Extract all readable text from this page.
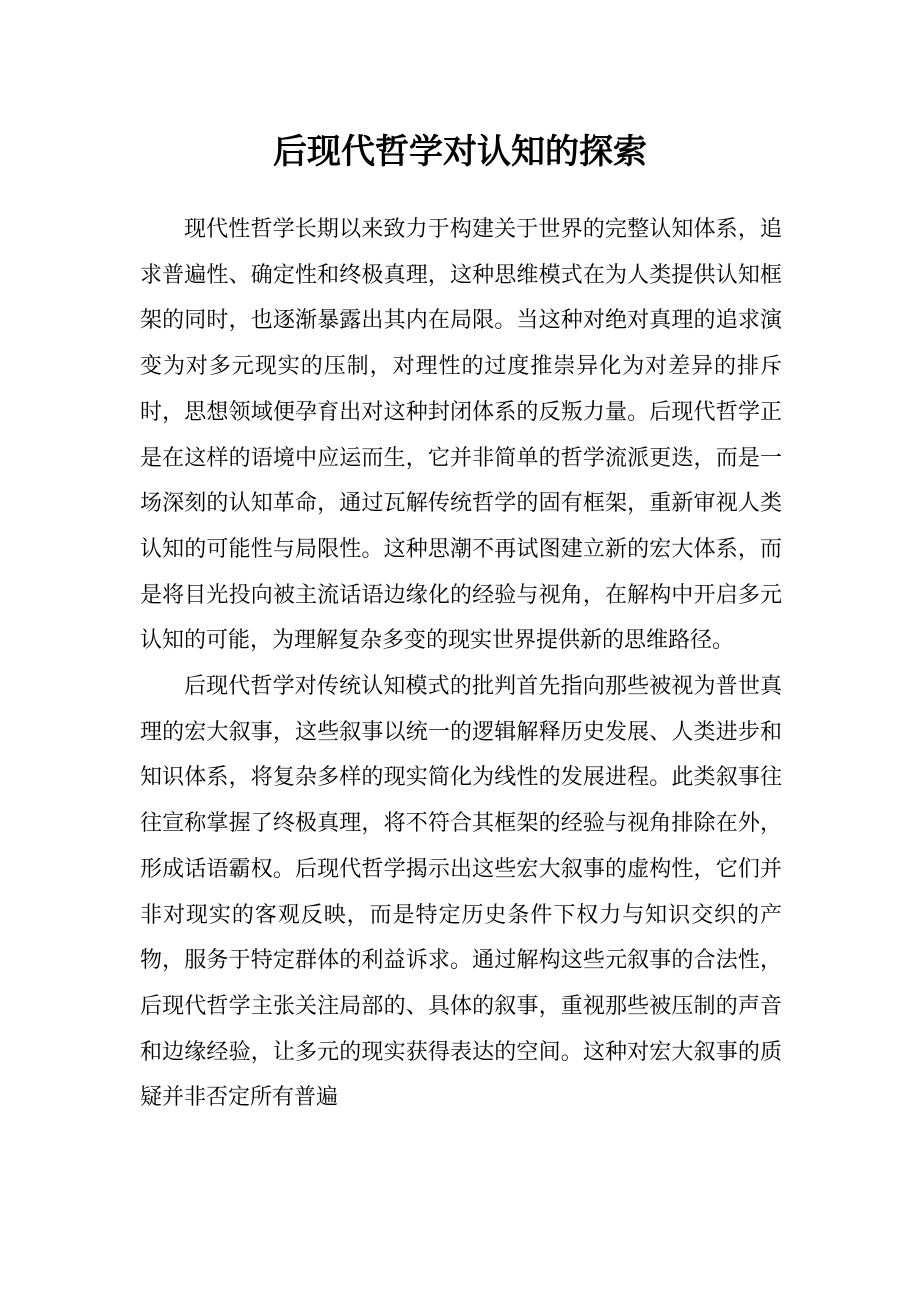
后现代哲学对认知的探索

现代性哲学长期以来致力于构建关于世界的完整认知体系，追求普遍性、确定性和终极真理，这种思维模式在为人类提供认知框架的同时，也逐渐暴露出其内在局限。当这种对绝对真理的追求演变为对多元现实的压制，对理性的过度推崇异化为对差异的排斥时，思想领域便孕育出对这种封闭体系的反叛力量。后现代哲学正是在这样的语境中应运而生，它并非简单的哲学流派更迭，而是一场深刻的认知革命，通过瓦解传统哲学的固有框架，重新审视人类认知的可能性与局限性。这种思潮不再试图建立新的宏大体系，而是将目光投向被主流话语边缘化的经验与视角，在解构中开启多元认知的可能，为理解复杂多变的现实世界提供新的思维路径。

后现代哲学对传统认知模式的批判首先指向那些被视为普世真理的宏大叙事，这些叙事以统一的逻辑解释历史发展、人类进步和知识体系，将复杂多样的现实简化为线性的发展进程。此类叙事往往宣称掌握了终极真理，将不符合其框架的经验与视角排除在外，形成话语霸权。后现代哲学揭示出这些宏大叙事的虚构性，它们并非对现实的客观反映，而是特定历史条件下权力与知识交织的产物，服务于特定群体的利益诉求。通过解构这些元叙事的合法性，后现代哲学主张关注局部的、具体的叙事，重视那些被压制的声音和边缘经验，让多元的现实获得表达的空间。这种对宏大叙事的质疑并非否定所有普遍
